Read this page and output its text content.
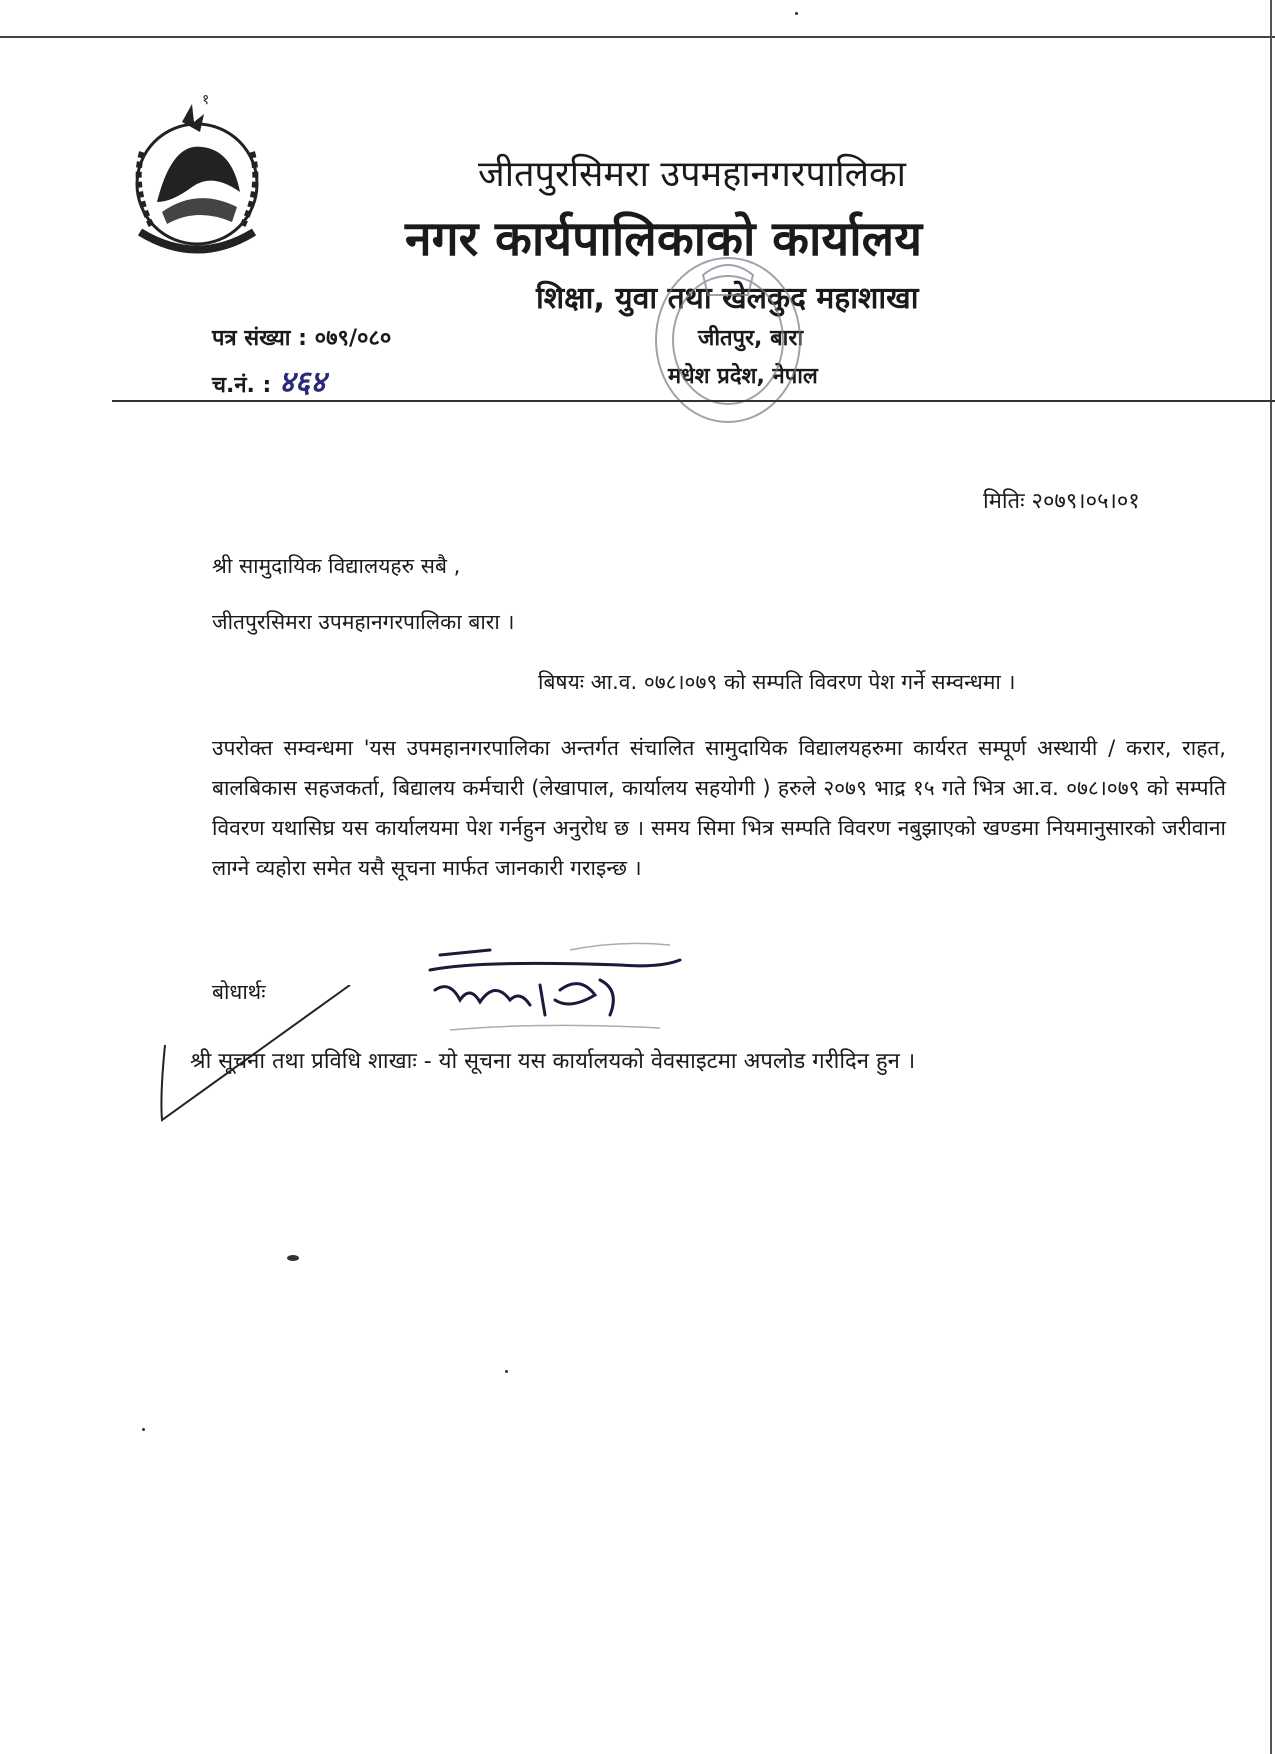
१
जीतपुरसिमरा उपमहानगरपालिका
नगर कार्यपालिकाको कार्यालय
शिक्षा, युवा तथा खेलकुद महाशाखा
जीतपुर, बारा
मधेश प्रदेश, नेपाल
पत्र संख्या : ०७९/०८०
च.नं. : ४६४
मितिः २०७९।०५।०१
श्री सामुदायिक विद्यालयहरु सबै ,
जीतपुरसिमरा उपमहानगरपालिका बारा ।
बिषयः आ.व. ०७८।०७९ को सम्पति विवरण पेश गर्ने सम्वन्धमा ।
उपरोक्त सम्वन्धमा 'यस उपमहानगरपालिका अन्तर्गत संचालित सामुदायिक विद्यालयहरुमा कार्यरत सम्पूर्ण अस्थायी / करार, राहत, बालबिकास सहजकर्ता, बिद्यालय कर्मचारी (लेखापाल, कार्यालय सहयोगी ) हरुले २०७९ भाद्र १५ गते भित्र आ.व. ०७८।०७९ को सम्पति विवरण यथासिघ्र यस कार्यालयमा पेश गर्नहुन अनुरोध छ । समय सिमा भित्र सम्पति विवरण नबुझाएको खण्डमा नियमानुसारको जरीवाना लाग्ने व्यहोरा समेत यसै सूचना मार्फत जानकारी गराइन्छ ।
बोधार्थः
श्री सूचना तथा प्रविधि शाखाः - यो सूचना यस कार्यालयको वेवसाइटमा अपलोड गरीदिन हुन ।
